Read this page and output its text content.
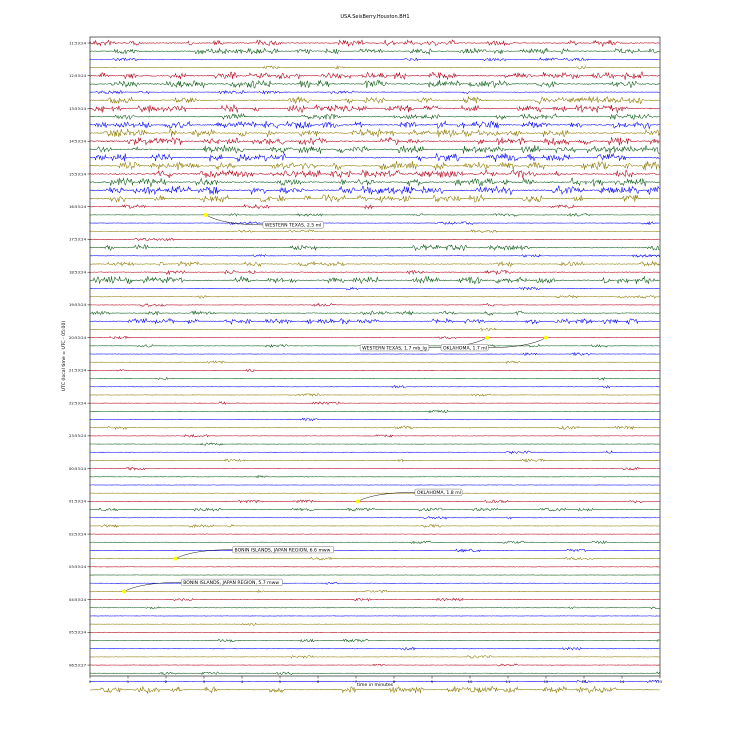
USA.SeisBerry.Houston.BH1
WESTERN TEXAS, 2.5 ml
WESTERN TEXAS, 1.7 mb_lg	OKLAHOMA, 1.7 ml
OKLAHOMA, 1.8 ml
BONIN ISLANDS, JAPAN REGION, 6.6 mww
BONIN ISLANDS, JAPAN REGION, 5.7 mww
11:53:24
12:53:24
13:53:24
14:53:24
15:53:24
16:53:24
17:53:24
18:53:24
19:53:24
20:53:24
21:53:24
22:53:24
23:53:24
00:53:24
01:53:24
02:53:24
03:53:24
04:53:24
05:53:24
06:53:27
0	1	2	3	4	5	6	7	8	9	10	11	12	13	14	15
time in minutes
UTC (local time = UTC - 05:00)
